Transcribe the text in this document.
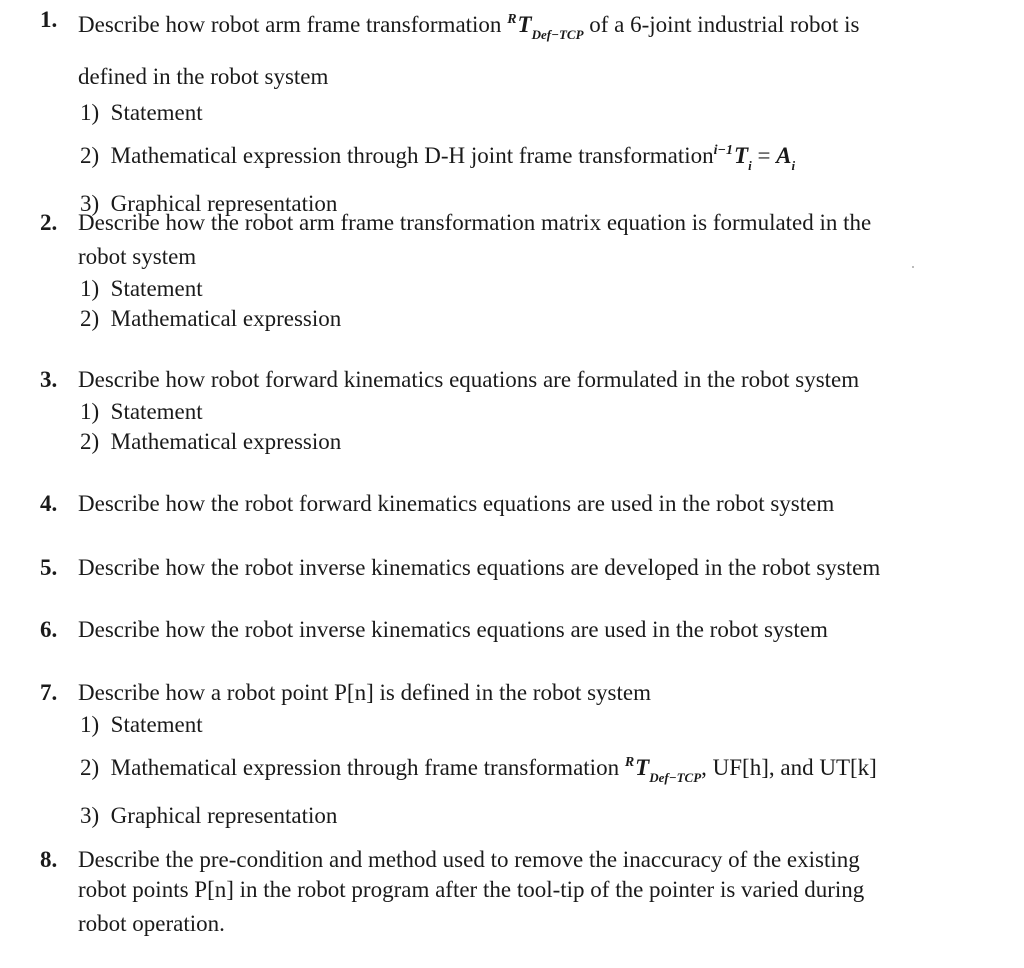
1. Describe how robot arm frame transformation $^RT_{Def-TCP}$ of a 6-joint industrial robot is
defined in the robot system
1) Statement
2) Mathematical expression through D-H joint frame $transformation^{i-1}T_i = A_i$
3) Graphical representation
2. Describe how the robot arm frame transformation matrix equation is formulated in the
robot system
1) Statement
2) Mathematical expression
3. Describe how robot forward kinematics equations are formulated in the robot system
1) Statement
2) Mathematical expression
4. Describe how the robot forward kinematics equations are used in the robot system
5. Describe how the robot inverse kinematics equations are developed in the robot system
6. Describe how the robot inverse kinematics equations are used in the robot system
7. Describe how a robot point P[n] is defined in the robot system
1) Statement
2) Mathematical expression through frame transformation $^RT_{Def-TCP}$, UF[h], and UT[k]
3) Graphical representation
8. Describe the pre-condition and method used to remove the inaccuracy of the existing
robot points P[n] in the robot program after the tool-tip of the pointer is varied during
robot operation.
